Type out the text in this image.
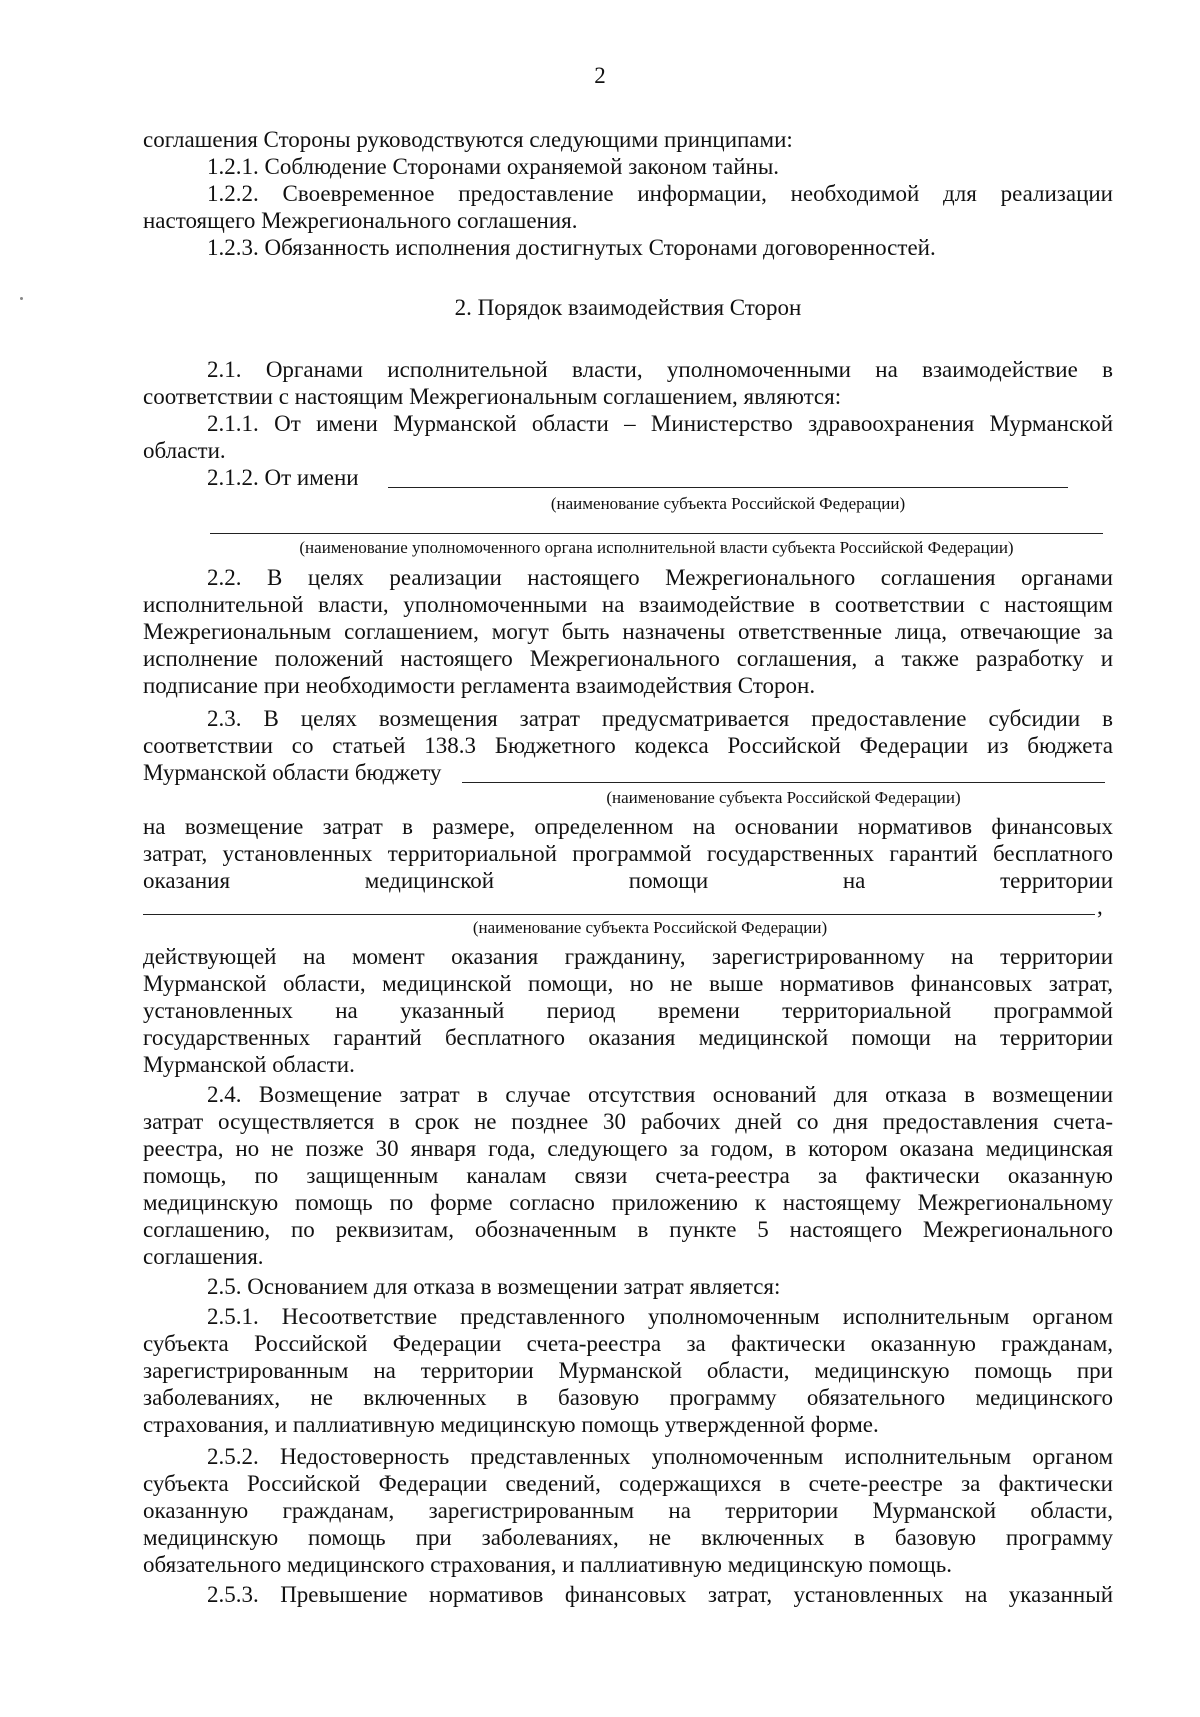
2
соглашения Стороны руководствуются следующими принципами:
1.2.1. Соблюдение Сторонами охраняемой законом тайны.
1.2.2. Своевременное предоставление информации, необходимой для реализации
настоящего Межрегионального соглашения.
1.2.3. Обязанность исполнения достигнутых Сторонами договоренностей.
2. Порядок взаимодействия Сторон
2.1. Органами исполнительной власти, уполномоченными на взаимодействие в
соответствии с настоящим Межрегиональным соглашением, являются:
2.1.1. От имени Мурманской области – Министерство здравоохранения Мурманской
области.
2.1.2. От имени
(наименование субъекта Российской Федерации)
(наименование уполномоченного органа исполнительной власти субъекта Российской Федерации)
2.2. В целях реализации настоящего Межрегионального соглашения органами
исполнительной власти, уполномоченными на взаимодействие в соответствии с настоящим
Межрегиональным соглашением, могут быть назначены ответственные лица, отвечающие за
исполнение положений настоящего Межрегионального соглашения, а также разработку и
подписание при необходимости регламента взаимодействия Сторон.
2.3. В целях возмещения затрат предусматривается предоставление субсидии в
соответствии со статьей 138.3 Бюджетного кодекса Российской Федерации из бюджета
Мурманской области бюджету
(наименование субъекта Российской Федерации)
на возмещение затрат в размере, определенном на основании нормативов финансовых
затрат, установленных территориальной программой государственных гарантий бесплатного
оказания	медицинской	помощи	на	территории
,
(наименование субъекта Российской Федерации)
действующей на момент оказания гражданину, зарегистрированному на территории
Мурманской области, медицинской помощи, но не выше нормативов финансовых затрат,
установленных на указанный период времени территориальной программой
государственных гарантий бесплатного оказания медицинской помощи на территории
Мурманской области.
2.4. Возмещение затрат в случае отсутствия оснований для отказа в возмещении
затрат осуществляется в срок не позднее 30 рабочих дней со дня предоставления счета-
реестра, но не позже 30 января года, следующего за годом, в котором оказана медицинская
помощь, по защищенным каналам связи счета-реестра за фактически оказанную
медицинскую помощь по форме согласно приложению к настоящему Межрегиональному
соглашению, по реквизитам, обозначенным в пункте 5 настоящего Межрегионального
соглашения.
2.5. Основанием для отказа в возмещении затрат является:
2.5.1. Несоответствие представленного уполномоченным исполнительным органом
субъекта Российской Федерации счета-реестра за фактически оказанную гражданам,
зарегистрированным на территории Мурманской области, медицинскую помощь при
заболеваниях, не включенных в базовую программу обязательного медицинского
страхования, и паллиативную медицинскую помощь утвержденной форме.
2.5.2. Недостоверность представленных уполномоченным исполнительным органом
субъекта Российской Федерации сведений, содержащихся в счете-реестре за фактически
оказанную гражданам, зарегистрированным на территории Мурманской области,
медицинскую помощь при заболеваниях, не включенных в базовую программу
обязательного медицинского страхования, и паллиативную медицинскую помощь.
2.5.3. Превышение нормативов финансовых затрат, установленных на указанный
